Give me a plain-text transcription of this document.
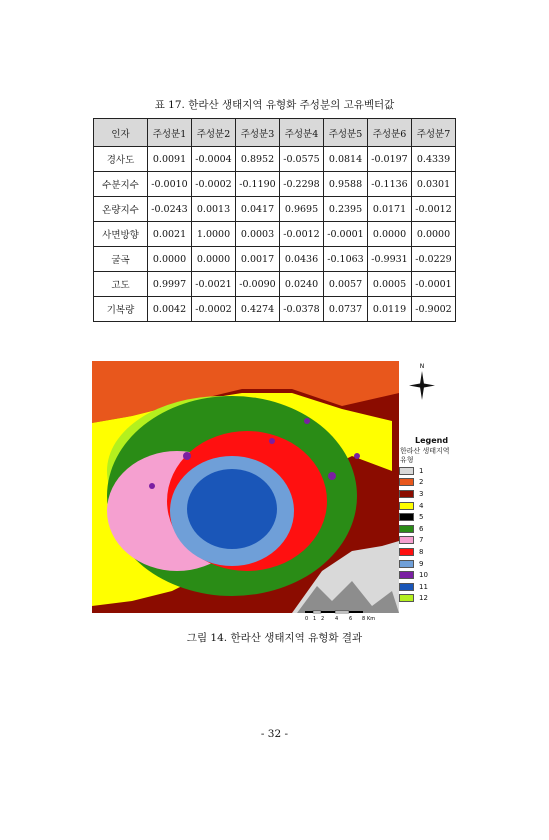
표 17. 한라산 생태지역 유형화 주성분의 고유벡터값
인자	주성분1	주성분2	주성분3	주성분4	주성분5	주성분6	주성분7
경사도	0.0091	-0.0004	0.8952	-0.0575	0.0814	-0.0197	0.4339
수분지수	-0.0010	-0.0002	-0.1190	-0.2298	0.9588	-0.1136	0.0301
온량지수	-0.0243	0.0013	0.0417	0.9695	0.2395	0.0171	-0.0012
사면방향	0.0021	1.0000	0.0003	-0.0012	-0.0001	0.0000	0.0000
굴곡	0.0000	0.0000	0.0017	0.0436	-0.1063	-0.9931	-0.0229
고도	0.9997	-0.0021	-0.0090	0.0240	0.0057	0.0005	-0.0001
기복량	0.0042	-0.0002	0.4274	-0.0378	0.0737	0.0119	-0.9002
N
Legend
한라산 생태지역
유형
1
2
3
4
5
6
7
8
9
10
11
12
0 1 2 4 6 8 Km
그림 14. 한라산 생태지역 유형화 결과
- 32 -
